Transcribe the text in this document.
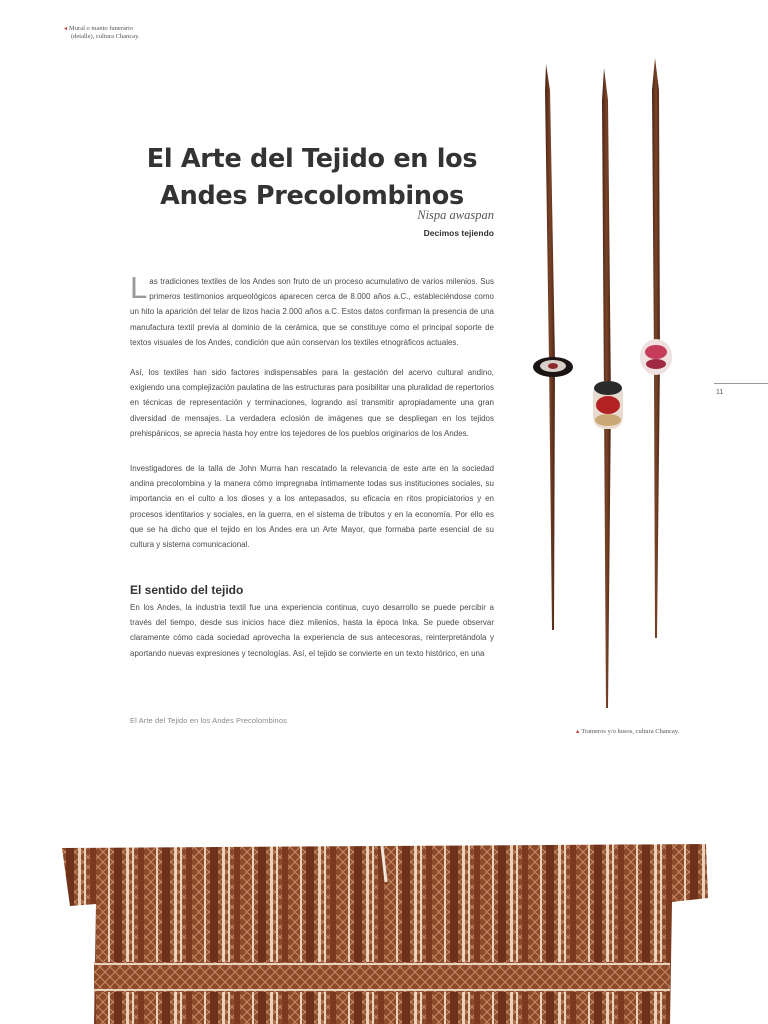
◂ Mural o manto funerario
(detalle), cultura Chancay.
El Arte del Tejido en los Andes Precolombinos
Nispa awaspan
Decimos tejiendo

Las tradiciones textiles de los Andes son fruto de un proceso acumulativo de varios milenios. Sus primeros testimonios arqueológicos aparecen cerca de 8.000 años a.C., estableciéndose como un hito la aparición del telar de lizos hacia 2.000 años a.C. Estos datos confirman la presencia de una manufactura textil previa al dominio de la cerámica, que se constituye como el principal soporte de textos visuales de los Andes, condición que aún conservan los textiles etnográficos actuales.

Así, los textiles han sido factores indispensables para la gestación del acervo cultural andino, exigiendo una complejización paulatina de las estructuras para posibilitar una pluralidad de repertorios en técnicas de representación y terminaciones, logrando así transmitir apropiadamente una gran diversidad de mensajes. La verdadera eclosión de imágenes que se despliegan en los tejidos prehispánicos, se aprecia hasta hoy entre los tejedores de los pueblos originarios de los Andes.

Investigadores de la talla de John Murra han rescatado la relevancia de este arte en la sociedad andina precolombina y la manera cómo impregnaba íntimamente todas sus instituciones sociales, su importancia en el culto a los dioses y a los antepasados, su eficacia en ritos propiciatorios y en procesos identitarios y sociales, en la guerra, en el sistema de tributos y en la economía. Por ello es que se ha dicho que el tejido en los Andes era un Arte Mayor, que formaba parte esencial de su cultura y sistema comunicacional.

El sentido del tejido

En los Andes, la industria textil fue una experiencia continua, cuyo desarrollo se puede percibir a través del tiempo, desde sus inicios hace diez milenios, hasta la época Inka. Se puede observar claramente cómo cada sociedad aprovecha la experiencia de sus antecesoras, reinterpretándola y aportando nuevas expresiones y tecnologías. Así, el tejido se convierte en un texto histórico, en una

El Arte del Tejido en los Andes Precolombinos
11
▴ Trameros y/o husos, cultura Chancay.
